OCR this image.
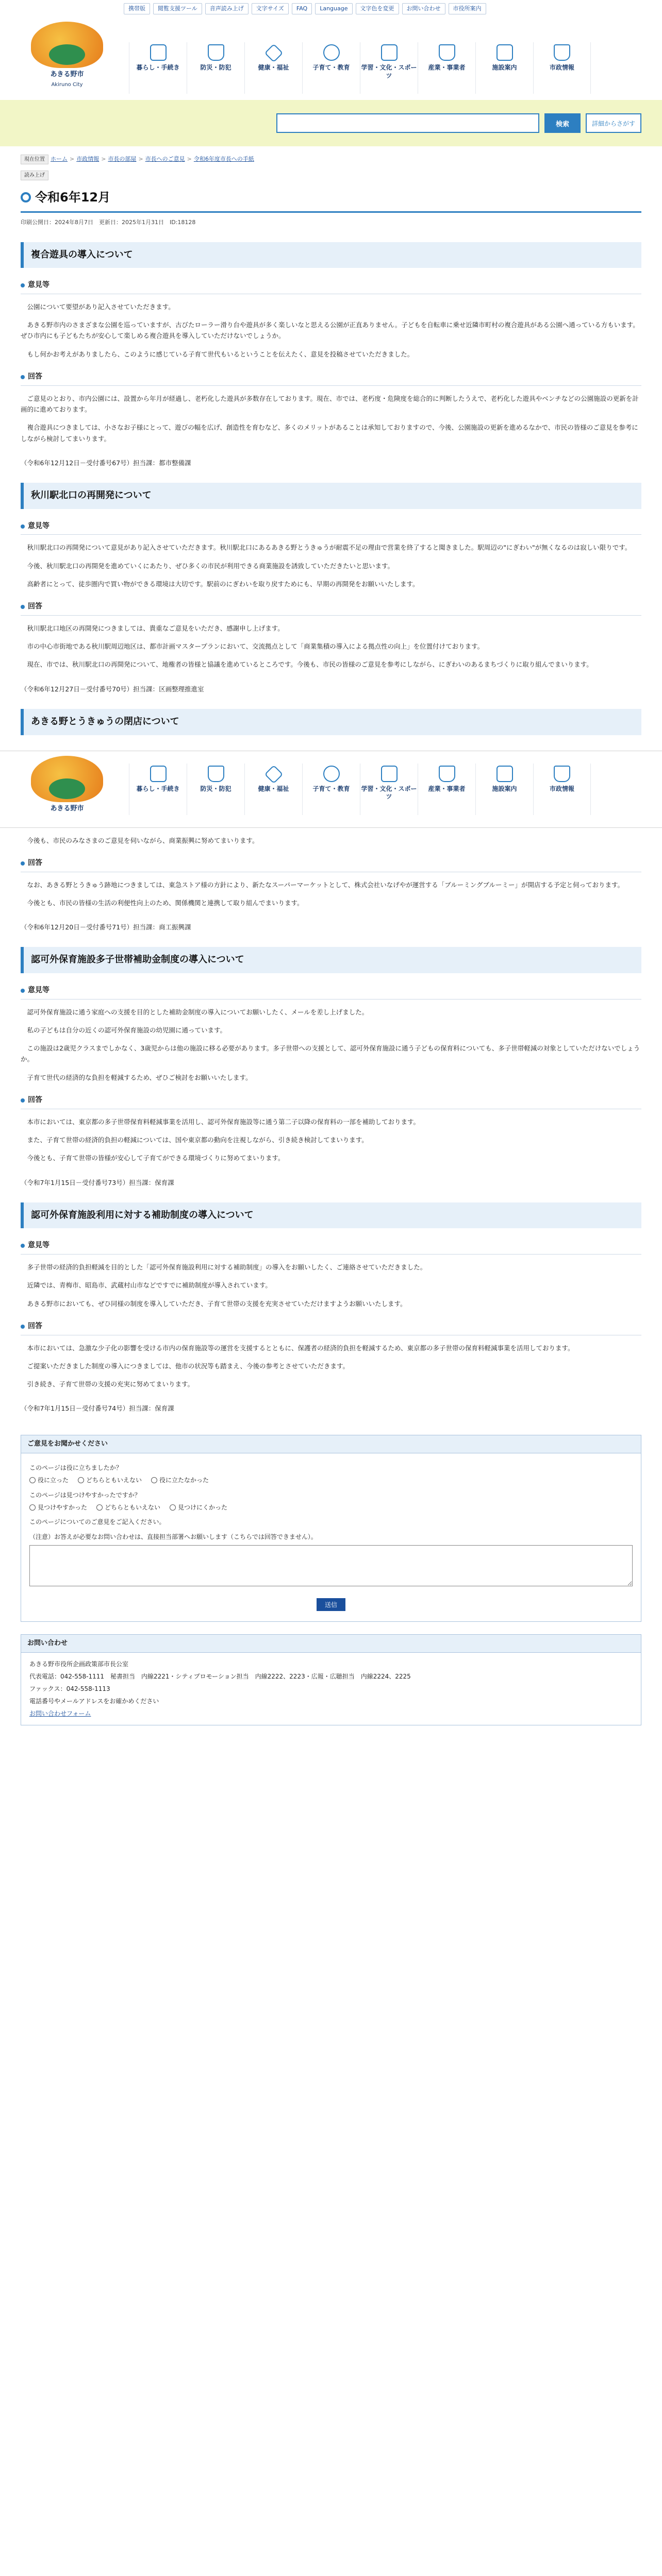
携帯版	閲覧支援ツール	音声読み上げ	文字サイズ	FAQ	Language	文字色を変更	お問い合わせ	市役所案内
あきる野市
Akiruno City
暮らし・手続き	防災・防犯	健康・福祉	子育て・教育 学習・文化・スポーツ
産業・事業者	施設案内	市政情報
検索	詳細からさがす
現在位置	ホーム > 市政情報 > 市長の部屋 > 市長へのご意見 > 令和6年度市長への手紙
読み上げ
令和6年12月
印刷公開日：2024年8月7日　更新日：2025年1月31日　ID:18128
複合遊具の導入について
意見等

公園について要望があり記入させていただきます。

あきる野市内のさまざまな公園を巡っていますが、古びたローラー滑り台や遊具が多く楽しいなと思える公園が正直ありません。子どもを自転車に乗せ近隣市町村の複合遊具がある公園へ通っている方もいます。ぜひ市内にも子どもたちが安心して楽しめる複合遊具を導入していただけないでしょうか。

もし何かお考えがありましたら、このように感じている子育て世代もいるということを伝えたく、意見を投稿させていただきました。

回答

ご意見のとおり、市内公園には、設置から年月が経過し、老朽化した遊具が多数存在しております。現在、市では、老朽度・危険度を総合的に判断したうえで、老朽化した遊具やベンチなどの公園施設の更新を計画的に進めております。

複合遊具につきましては、小さなお子様にとって、遊びの幅を広げ、創造性を育むなど、多くのメリットがあることは承知しておりますので、今後、公園施設の更新を進めるなかで、市民の皆様のご意見を参考にしながら検討してまいります。

（令和6年12月12日－受付番号67号）担当課：都市整備課

秋川駅北口の再開発について
意見等

秋川駅北口の再開発について意見があり記入させていただきます。秋川駅北口にあるあきる野とうきゅうが耐震不足の理由で営業を終了すると聞きました。駅周辺の"にぎわい"が無くなるのは寂しい限りです。

今後、秋川駅北口の再開発を進めていくにあたり、ぜひ多くの市民が利用できる商業施設を誘致していただきたいと思います。

高齢者にとって、徒歩圏内で買い物ができる環境は大切です。駅前のにぎわいを取り戻すためにも、早期の再開発をお願いいたします。

回答

秋川駅北口地区の再開発につきましては、貴重なご意見をいただき、感謝申し上げます。

市の中心市街地である秋川駅周辺地区は、都市計画マスタープランにおいて、交流拠点として「商業集積の導入による拠点性の向上」を位置付けております。

現在、市では、秋川駅北口の再開発について、地権者の皆様と協議を進めているところです。今後も、市民の皆様のご意見を参考にしながら、にぎわいのあるまちづくりに取り組んでまいります。

（令和6年12月27日－受付番号70号）担当課：区画整理推進室

あきる野とうきゅうの閉店について
あきる野市
暮らし・手続き	防災・防犯	健康・福祉	子育て・教育 学習・文化・スポーツ
産業・事業者	施設案内	市政情報

今後も、市民のみなさまのご意見を伺いながら、商業振興に努めてまいります。

回答

なお、あきる野とうきゅう跡地につきましては、東急ストア様の方針により、新たなスーパーマーケットとして、株式会社いなげやが運営する「ブルーミングブルーミー」が開店する予定と伺っております。

今後とも、市民の皆様の生活の利便性向上のため、関係機関と連携して取り組んでまいります。

（令和6年12月20日－受付番号71号）担当課：商工振興課

認可外保育施設多子世帯補助金制度の導入について
意見等

認可外保育施設に通う家庭への支援を目的とした補助金制度の導入についてお願いしたく、メールを差し上げました。

私の子どもは自分の近くの認可外保育施設の幼児園に通っています。

この施設は2歳児クラスまでしかなく、3歳児からは他の施設に移る必要があります。多子世帯への支援として、認可外保育施設に通う子どもの保育料についても、多子世帯軽減の対象としていただけないでしょうか。

子育て世代の経済的な負担を軽減するため、ぜひご検討をお願いいたします。

回答

本市においては、東京都の多子世帯保育料軽減事業を活用し、認可外保育施設等に通う第二子以降の保育料の一部を補助しております。

また、子育て世帯の経済的負担の軽減については、国や東京都の動向を注視しながら、引き続き検討してまいります。

今後とも、子育て世帯の皆様が安心して子育てができる環境づくりに努めてまいります。

（令和7年1月15日－受付番号73号）担当課：保育課

認可外保育施設利用に対する補助制度の導入について
意見等

多子世帯の経済的負担軽減を目的とした「認可外保育施設利用に対する補助制度」の導入をお願いしたく、ご連絡させていただきました。

近隣では、青梅市、昭島市、武蔵村山市などですでに補助制度が導入されています。

あきる野市においても、ぜひ同様の制度を導入していただき、子育て世帯の支援を充実させていただけますようお願いいたします。

回答

本市においては、急激な少子化の影響を受ける市内の保育施設等の運営を支援するとともに、保護者の経済的負担を軽減するため、東京都の多子世帯の保育料軽減事業を活用しております。

ご提案いただきました制度の導入につきましては、他市の状況等も踏まえ、今後の参考とさせていただきます。

引き続き、子育て世帯の支援の充実に努めてまいります。

（令和7年1月15日－受付番号74号）担当課：保育課

ご意見をお聞かせください
このページは役に立ちましたか？
役に立った	どちらともいえない	役に立たなかった
このページは見つけやすかったですか？
見つけやすかった	どちらともいえない	見つけにくかった
このページについてのご意見をご記入ください。
（注意）お答えが必要なお問い合わせは、直接担当部署へお願いします（こちらでは回答できません）。
送信
お問い合わせ
あきる野市役所企画政策部市長公室
代表電話：042-558-1111　秘書担当　内線2221・シティプロモーション担当　内線2222、2223・広報・広聴担当　内線2224、2225
ファックス：042-558-1113
電話番号やメールアドレスをお確かめください
お問い合わせフォーム
